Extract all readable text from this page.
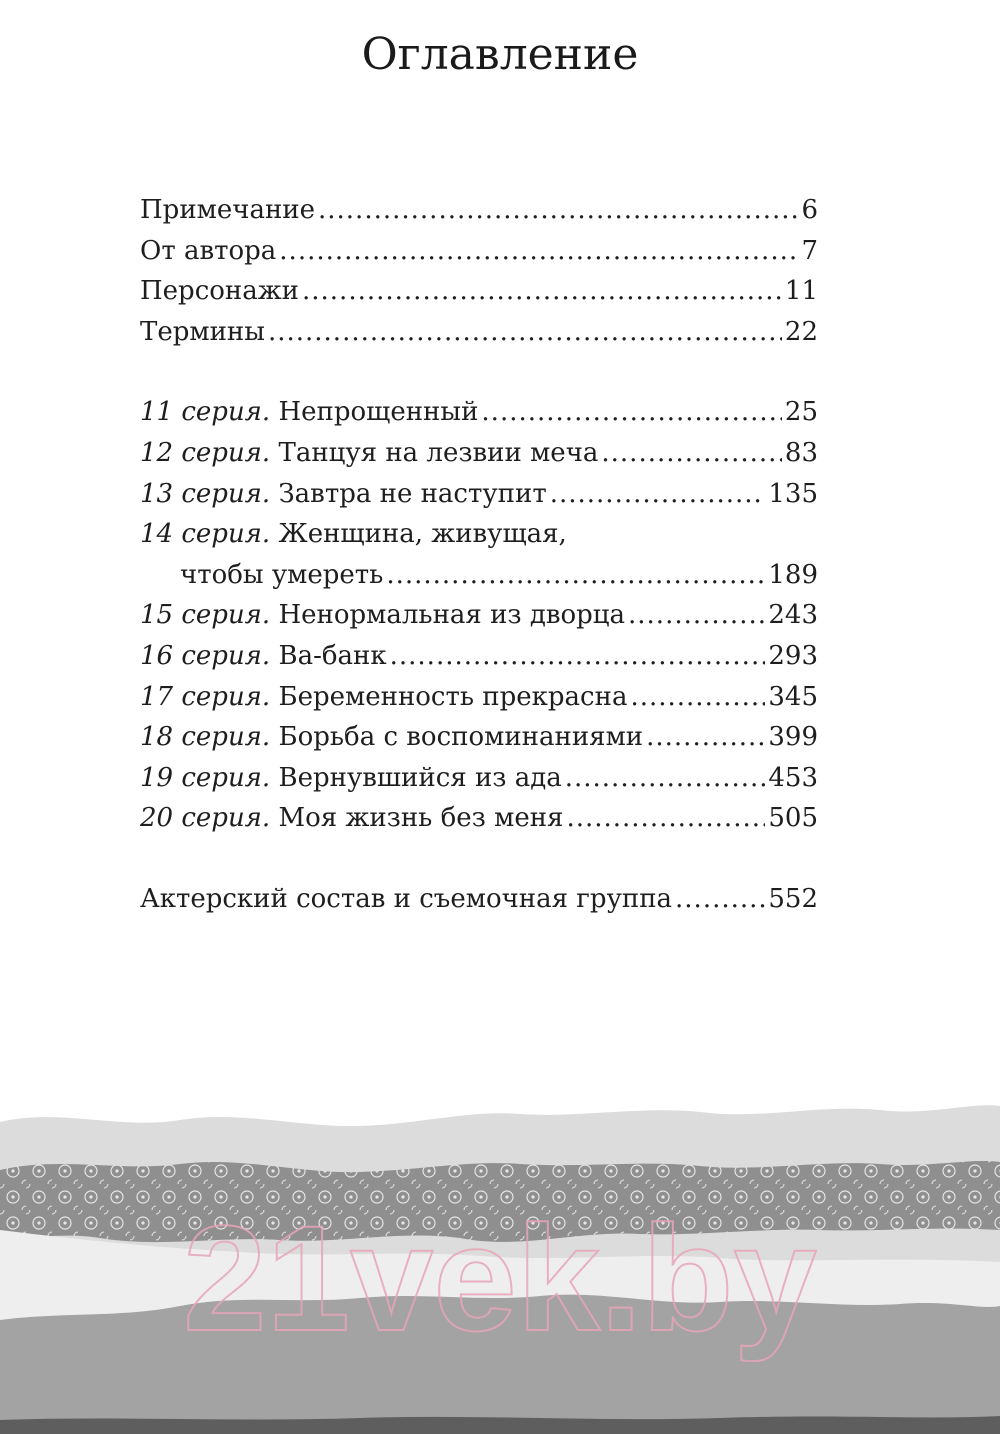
Оглавление
Примечание .....	6
От автора .....	7
Персонажи .....	11
Термины .....	22
11 серия. Непрощенный .....	25
12 серия. Танцуя на лезвии меча .....	83
13 серия. Завтра не наступит .....	135
14 серия. Женщина, живущая,
чтобы умереть .....	189
15 серия. Ненормальная из дворца .....	243
16 серия. Ва-банк .....	293
17 серия. Беременность прекрасна .....	345
18 серия. Борьба с воспоминаниями .....	399
19 серия. Вернувшийся из ада .....	453
20 серия. Моя жизнь без меня .....	505
Актерский состав и съемочная группа .....	552
21vek.by
